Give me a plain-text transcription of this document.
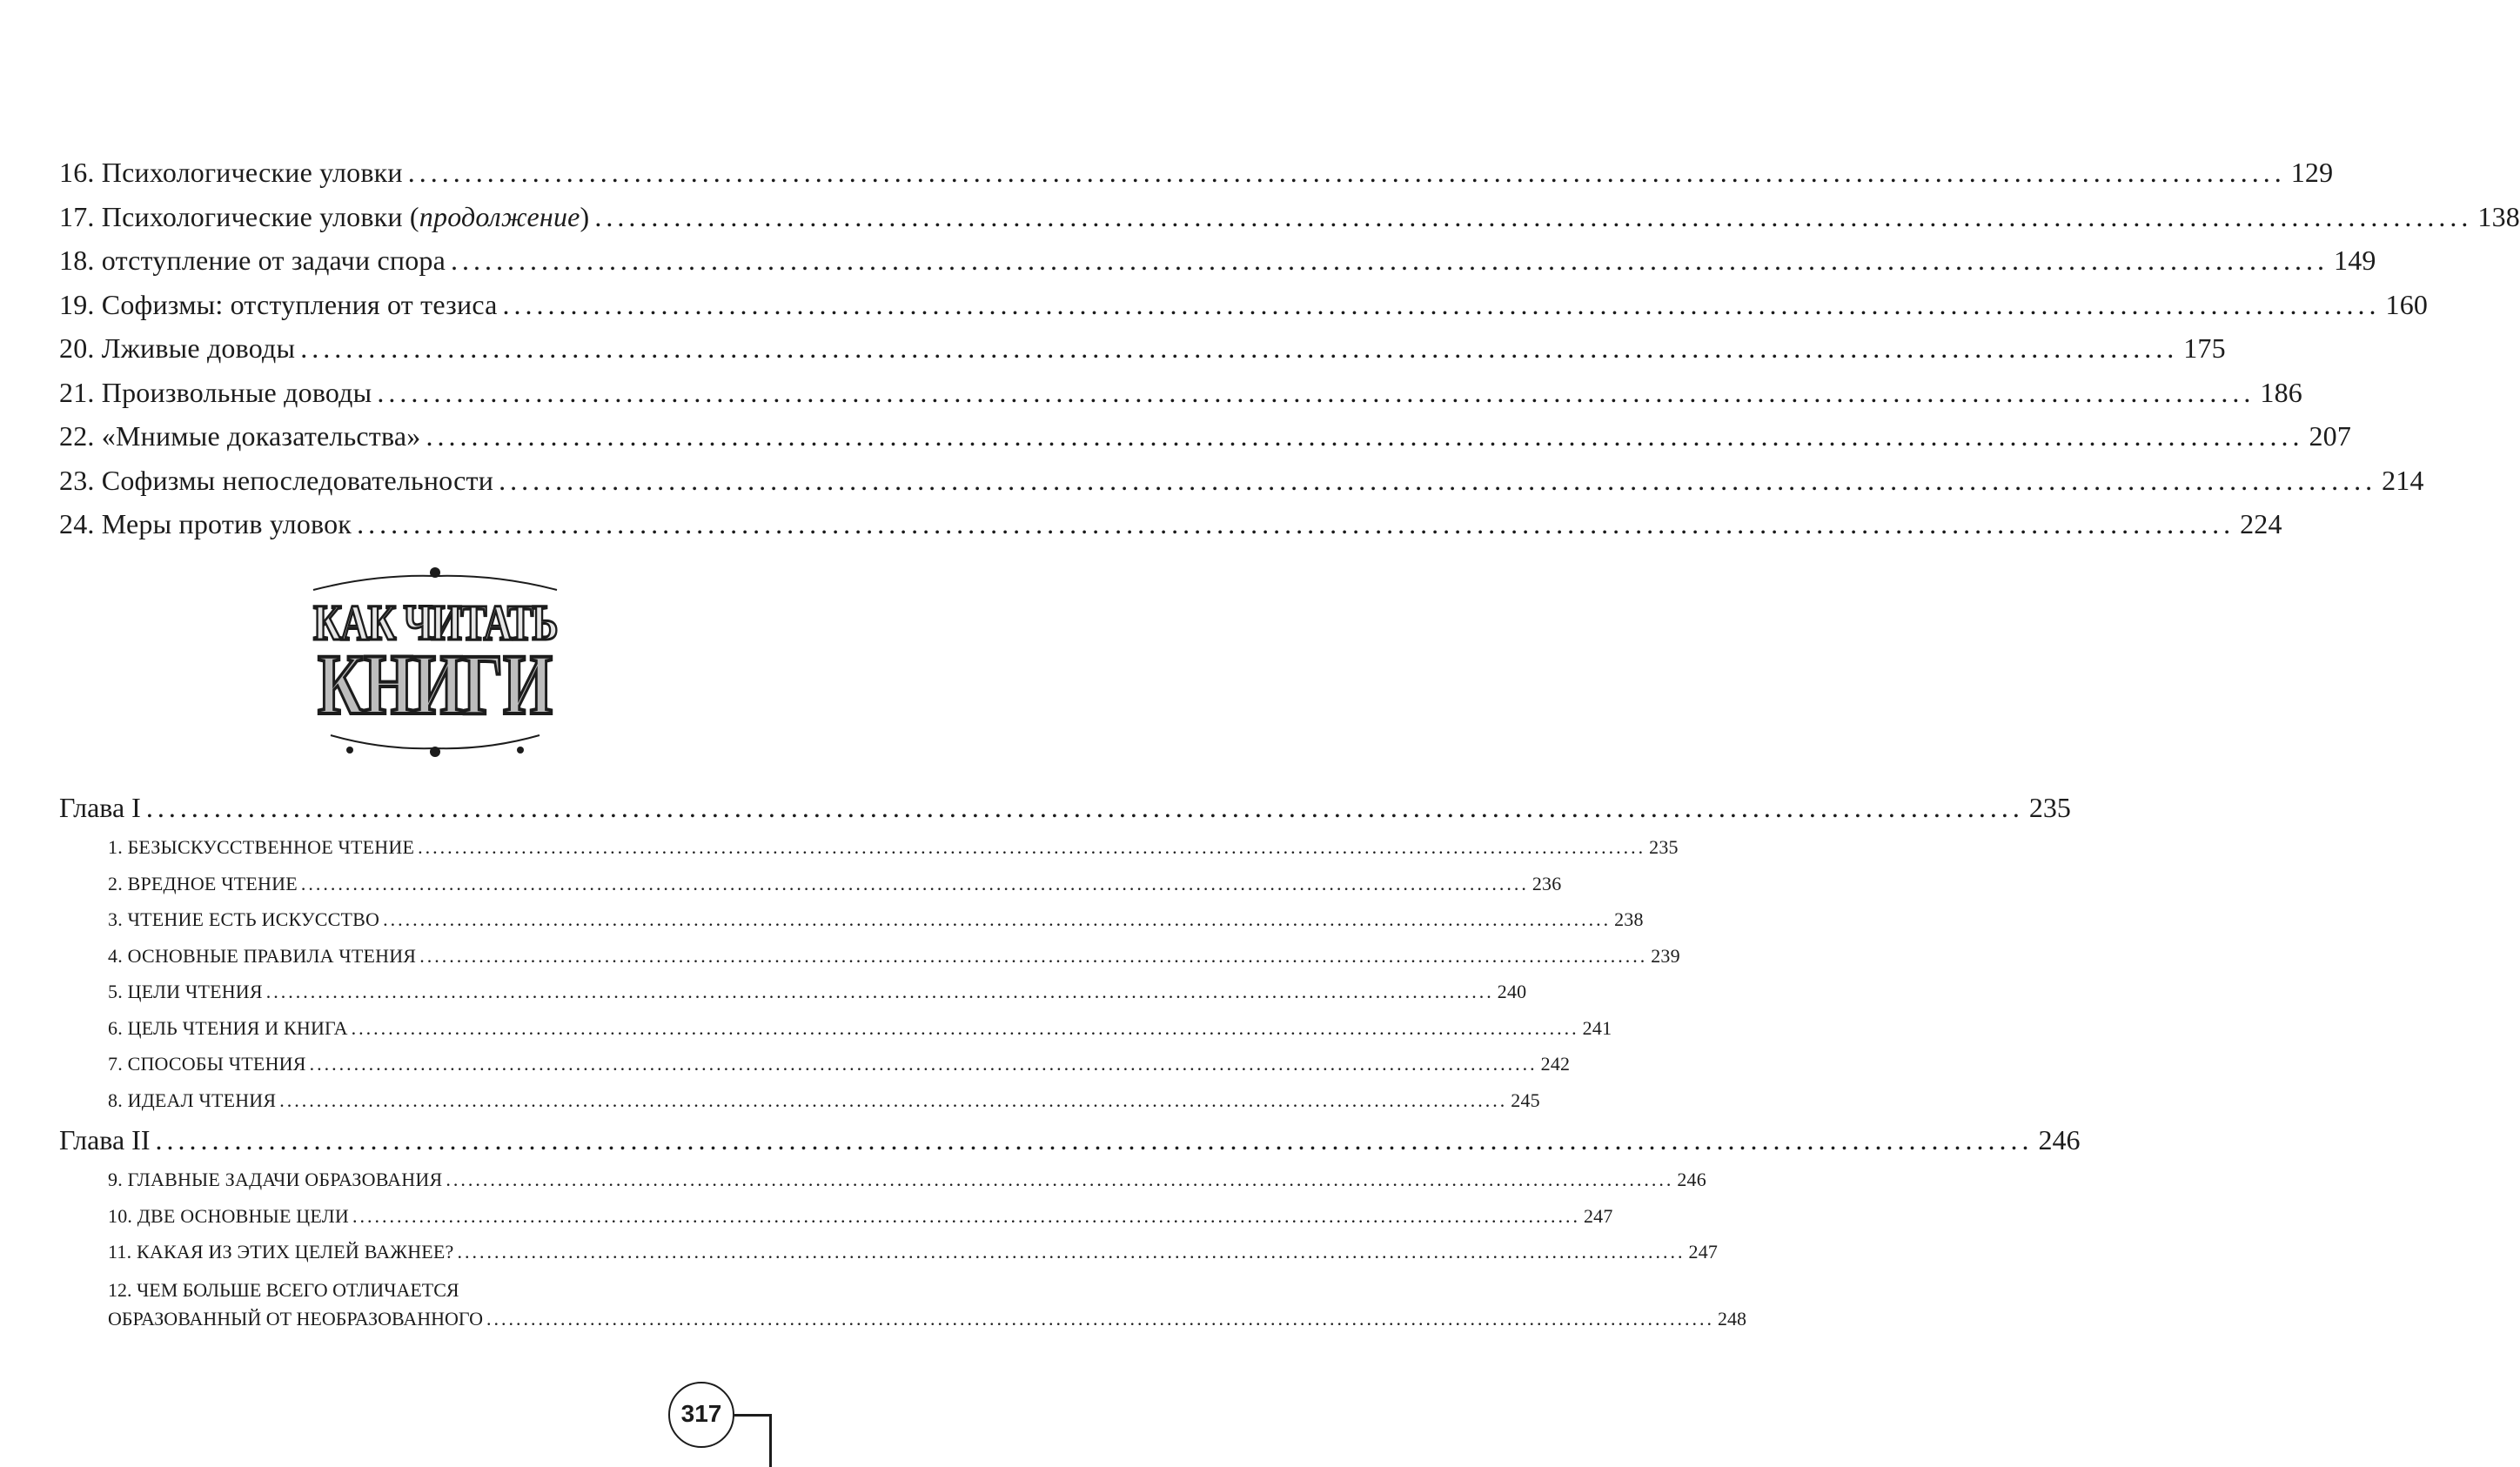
16. Психологические уловки .....	129
17. Психологические уловки (продолжение) .....	138
18. отступление от задачи спора .....	149
19. Софизмы: отступления от тезиса .....	160
20. Лживые доводы .....	175
21. Произвольные доводы .....	186
22. «Мнимые доказательства» .....	207
23. Софизмы непоследовательности .....	214
24. Меры против уловок .....	224
КАК ЧИТАТЬ
КНИГИ
Глава I .....	235
1. БЕЗЫСКУССТВЕННОЕ ЧТЕНИЕ .....	235
2. ВРЕДНОЕ ЧТЕНИЕ .....	236
3. ЧТЕНИЕ ЕСТЬ ИСКУССТВО .....	238
4. ОСНОВНЫЕ ПРАВИЛА ЧТЕНИЯ .....	239
5. ЦЕЛИ ЧТЕНИЯ .....	240
6. ЦЕЛЬ ЧТЕНИЯ И КНИГА .....	241
7. СПОСОБЫ ЧТЕНИЯ .....	242
8. ИДЕАЛ ЧТЕНИЯ .....	245
Глава II .....	246
9. ГЛАВНЫЕ ЗАДАЧИ ОБРАЗОВАНИЯ .....	246
10. ДВЕ ОСНОВНЫЕ ЦЕЛИ .....	247
11. КАКАЯ ИЗ ЭТИХ ЦЕЛЕЙ ВАЖНЕЕ? .....	247
12. ЧЕМ БОЛЬШЕ ВСЕГО ОТЛИЧАЕТСЯ
ОБРАЗОВАННЫЙ ОТ НЕОБРАЗОВАННОГО .....	248
317
